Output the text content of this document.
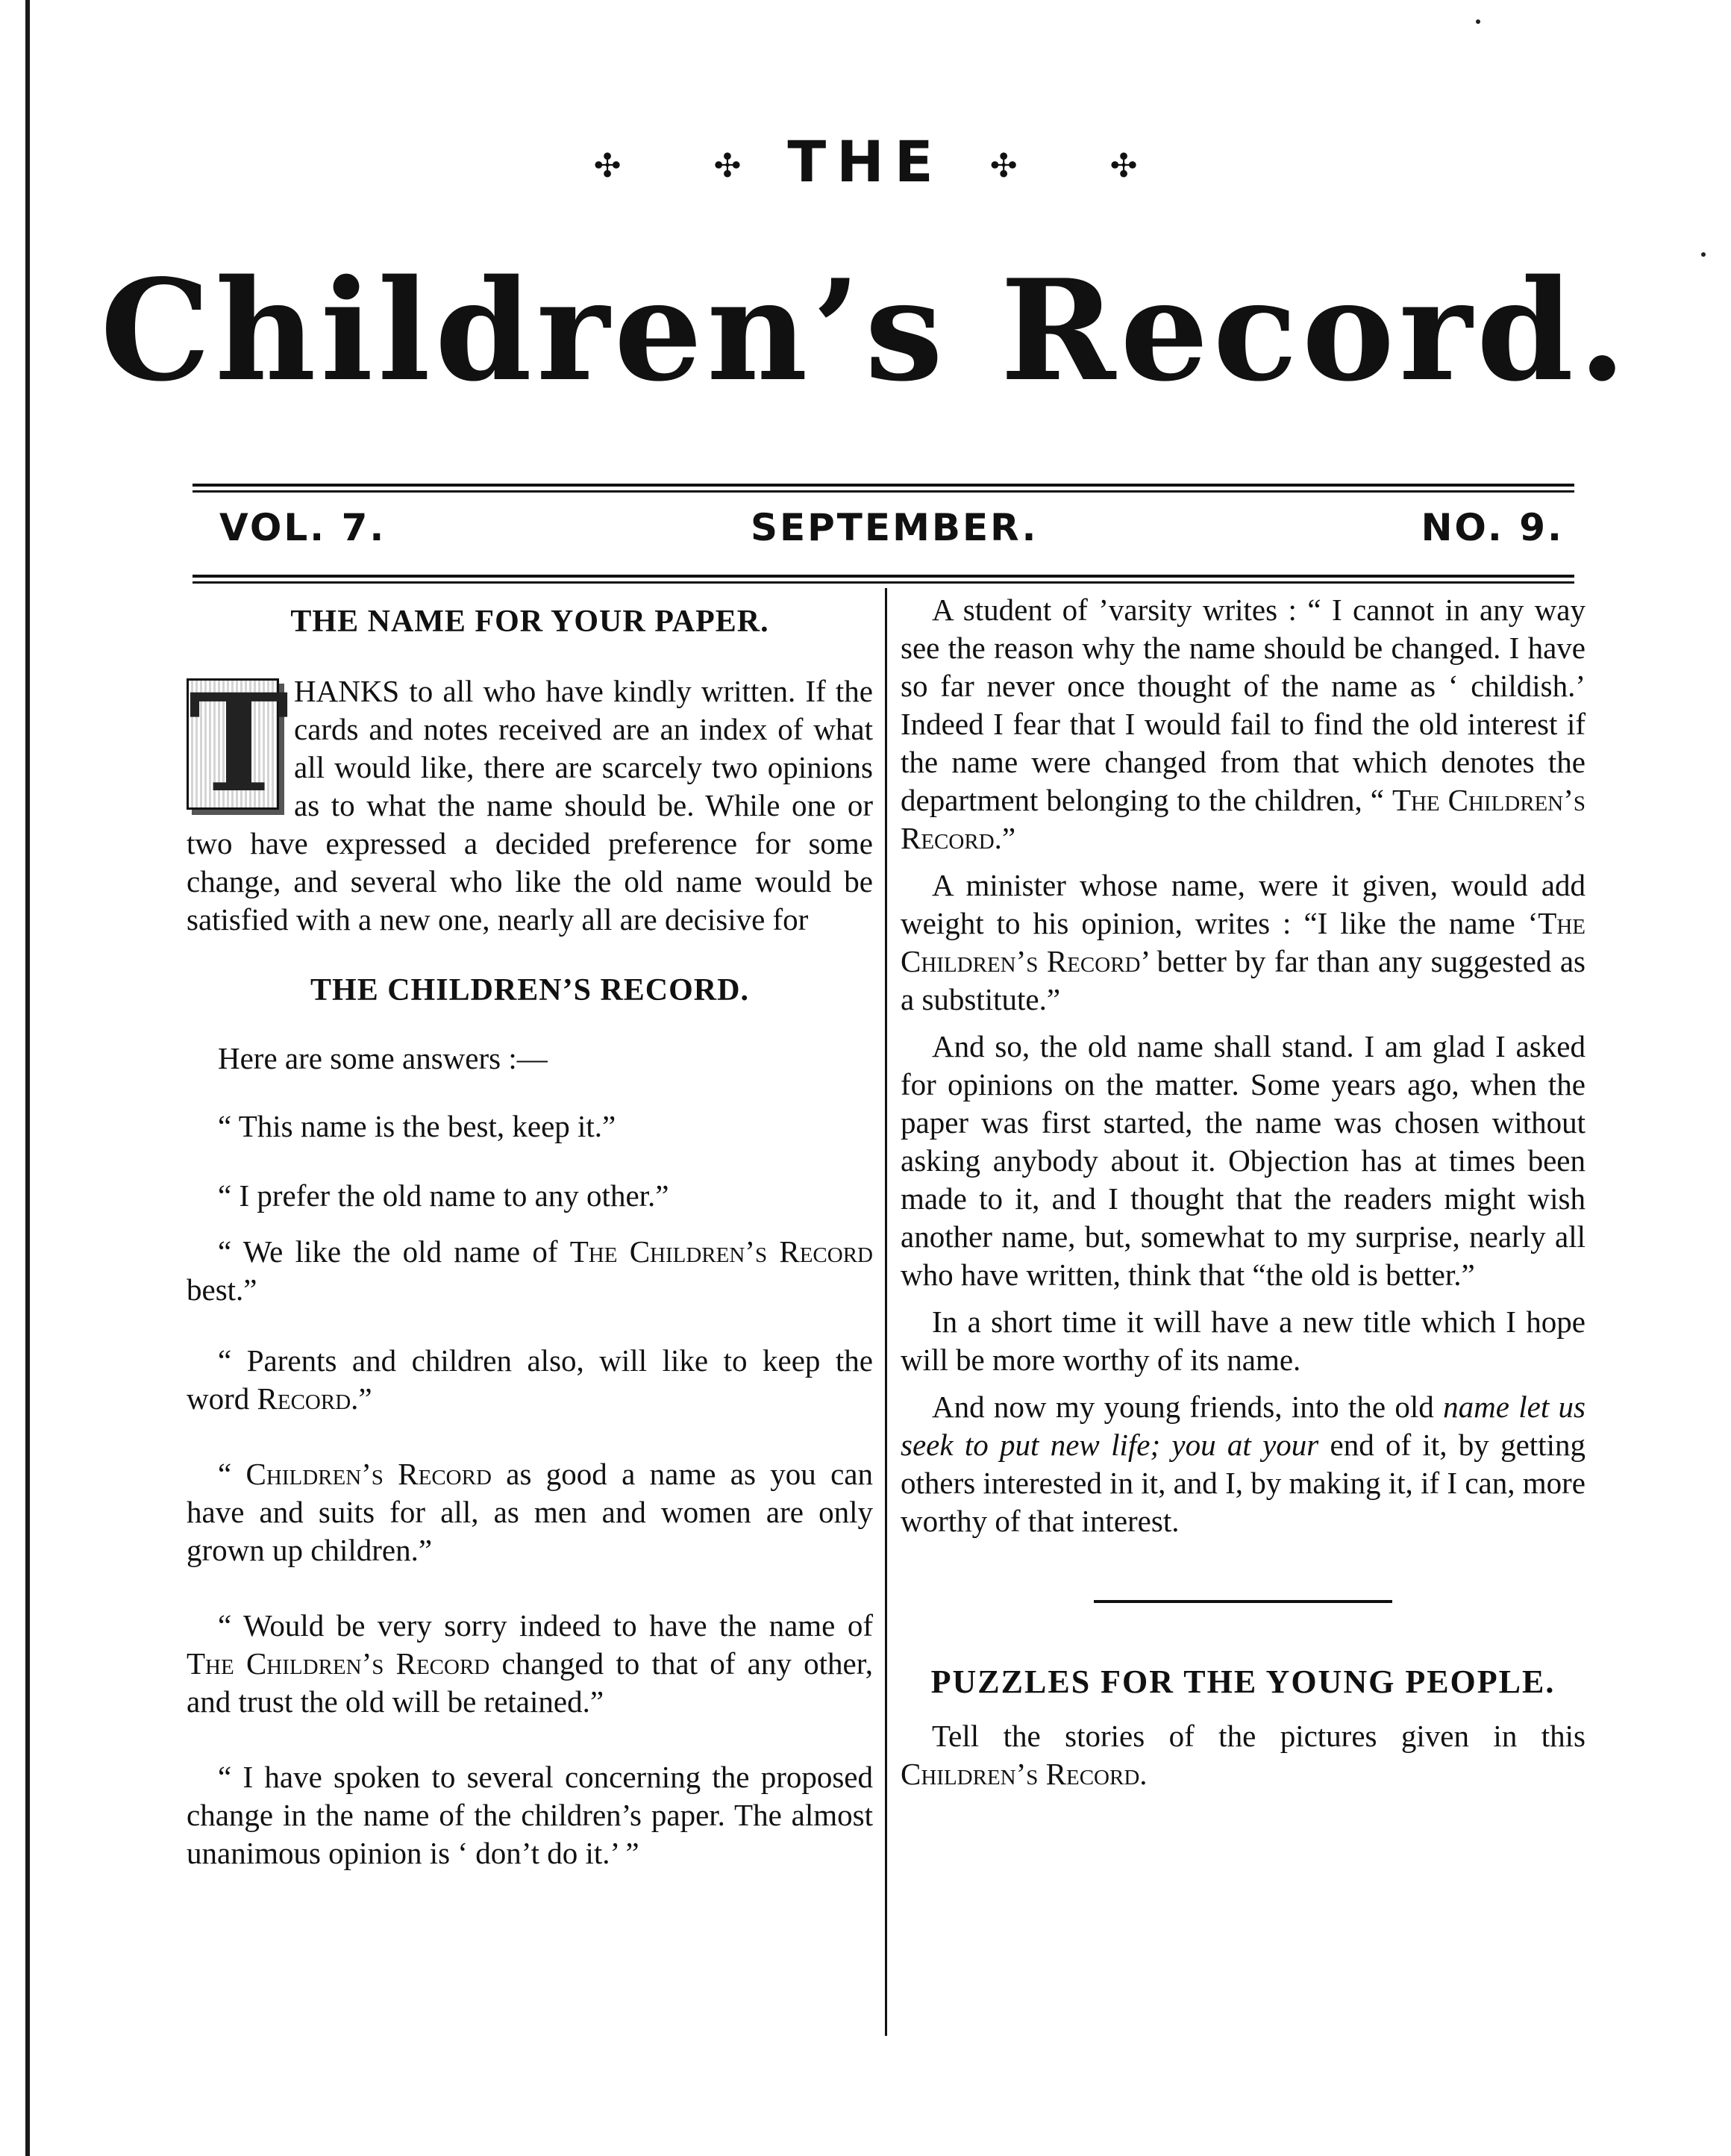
✣	✣ THE ✣	✣
Children’s Record.
VOL. 7.	SEPTEMBER.	NO. 9.
THE NAME FOR YOUR PAPER.

T HANKS to all who have kindly written. If the cards and notes received are an index of what all would like, there are scarcely two opinions as to what the name should be. While one or two have expressed a decided preference for some change, and several who like the old name would be satisfied with a new one, nearly all are decisive for

THE CHILDREN’S RECORD.

Here are some answers :—

“ This name is the best, keep it.”

“ I prefer the old name to any other.”

“ We like the old name of The Children’s Record best.”

“ Parents and children also, will like to keep the word Record.”

“ Children’s Record as good a name as you can have and suits for all, as men and women are only grown up children.”

“ Would be very sorry indeed to have the name of The Children’s Record changed to that of any other, and trust the old will be retained.”

“ I have spoken to several concerning the proposed change in the name of the children’s paper. The almost unanimous opinion is ‘ don’t do it.’ ”

A student of ’varsity writes : “ I cannot in any way see the reason why the name should be changed. I have so far never once thought of the name as ‘ childish.’ Indeed I fear that I would fail to find the old interest if the name were changed from that which denotes the department belonging to the children, “ The Children’s Record.”

A minister whose name, were it given, would add weight to his opinion, writes : “I like the name ‘The Children’s Record’ better by far than any suggested as a substitute.”

And so, the old name shall stand. I am glad I asked for opinions on the matter. Some years ago, when the paper was first started, the name was chosen without asking anybody about it. Objection has at times been made to it, and I thought that the readers might wish another name, but, somewhat to my surprise, nearly all who have written, think that “the old is better.”

In a short time it will have a new title which I hope will be more worthy of its name.

And now my young friends, into the old name let us seek to put new life; you at your end of it, by getting others interested in it, and I, by making it, if I can, more worthy of that interest.

PUZZLES FOR THE YOUNG PEOPLE.

Tell the stories of the pictures given in this Children’s Record.
